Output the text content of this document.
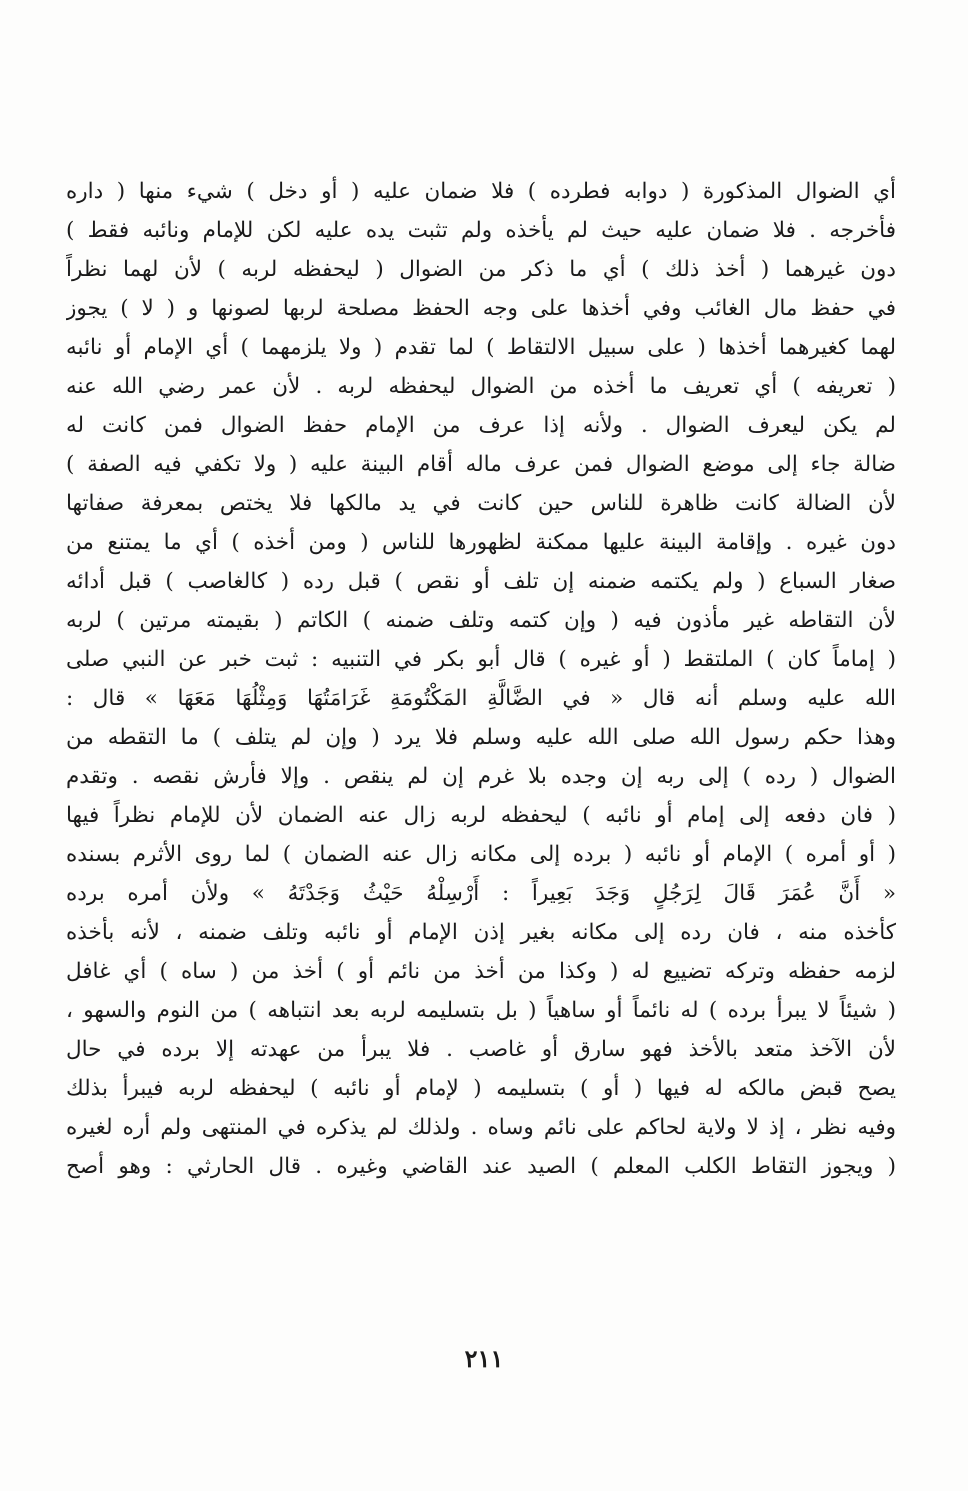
أي الضوال المذكورة ( دوابه فطرده ) فلا ضمان عليه ( أو دخل ) شيء منها ( داره
فأخرجه . فلا ضمان عليه حيث لم يأخذه ولم تثبت يده عليه لكن للإمام ونائبه فقط )
دون غيرهما ( أخذ ذلك ) أي ما ذكر من الضوال ( ليحفظه لربه ) لأن لهما نظراً
في حفظ مال الغائب وفي أخذها على وجه الحفظ مصلحة لربها لصونها و ( لا ) يجوز
لهما كغيرهما أخذها ( على سبيل الالتقاط ) لما تقدم ( ولا يلزمهما ) أي الإمام أو نائبه
( تعريفه ) أي تعريف ما أخذه من الضوال ليحفظه لربه . لأن عمر رضي الله عنه
لم يكن ليعرف الضوال . ولأنه إذا عرف من الإمام حفظ الضوال فمن كانت له
ضالة جاء إلى موضع الضوال فمن عرف ماله أقام البينة عليه ( ولا تكفي فيه الصفة )
لأن الضالة كانت ظاهرة للناس حين كانت في يد مالكها فلا يختص بمعرفة صفاتها
دون غيره . وإقامة البينة عليها ممكنة لظهورها للناس ( ومن أخذه ) أي ما يمتنع من
صغار السباع ( ولم يكتمه ضمنه إن تلف أو نقص ) قبل رده ( كالغاصب ) قبل أدائه
لأن التقاطه غير مأذون فيه ( وإن كتمه وتلف ضمنه ) الكاتم ( بقيمته مرتين ) لربه
( إماماً كان ) الملتقط ( أو غيره ) قال أبو بكر في التنبيه : ثبت خبر عن النبي صلى
الله عليه وسلم أنه قال « في الضَّالَّةِ المَكْتُومَةِ غَرَامَتُهَا وَمِثْلُهَا مَعَهَا » قال :
وهذا حكم رسول الله صلى الله عليه وسلم فلا يرد ( وإن لم يتلف ) ما التقطه من
الضوال ( رده ) إلى ربه إن وجده بلا غرم إن لم ينقص . وإلا فأرش نقصه . وتقدم
( فان دفعه إلى إمام أو نائبه ) ليحفظه لربه زال عنه الضمان لأن للإمام نظراً فيها
( أو أمره ) الإمام أو نائبه ( برده إلى مكانه زال عنه الضمان ) لما روى الأثرم بسنده
« أَنَّ عُمَرَ قَالَ لِرَجُلٍ وَجَدَ بَعِيراً : أَرْسِلْهُ حَيْثُ وَجَدْتَهُ » ولأن أمره برده
كأخذه منه ، فان رده إلى مكانه بغير إذن الإمام أو نائبه وتلف ضمنه ، لأنه بأخذه
لزمه حفظه وتركه تضييع له ( وكذا من أخذ من نائم أو ) أخذ من ( ساه ) أي غافل
( شيئاً لا يبرأ برده ) له نائماً أو ساهياً ( بل بتسليمه لربه بعد انتباهه ) من النوم والسهو ،
لأن الآخذ متعد بالأخذ فهو سارق أو غاصب . فلا يبرأ من عهدته إلا برده في حال
يصح قبض مالكه له فيها ( أو ) بتسليمه ( لإمام أو نائبه ) ليحفظه لربه فيبرأ بذلك
وفيه نظر ، إذ لا ولاية لحاكم على نائم وساه . ولذلك لم يذكره في المنتهى ولم أره لغيره
( ويجوز التقاط الكلب المعلم ) الصيد عند القاضي وغيره . قال الحارثي : وهو أصح
٢١١
